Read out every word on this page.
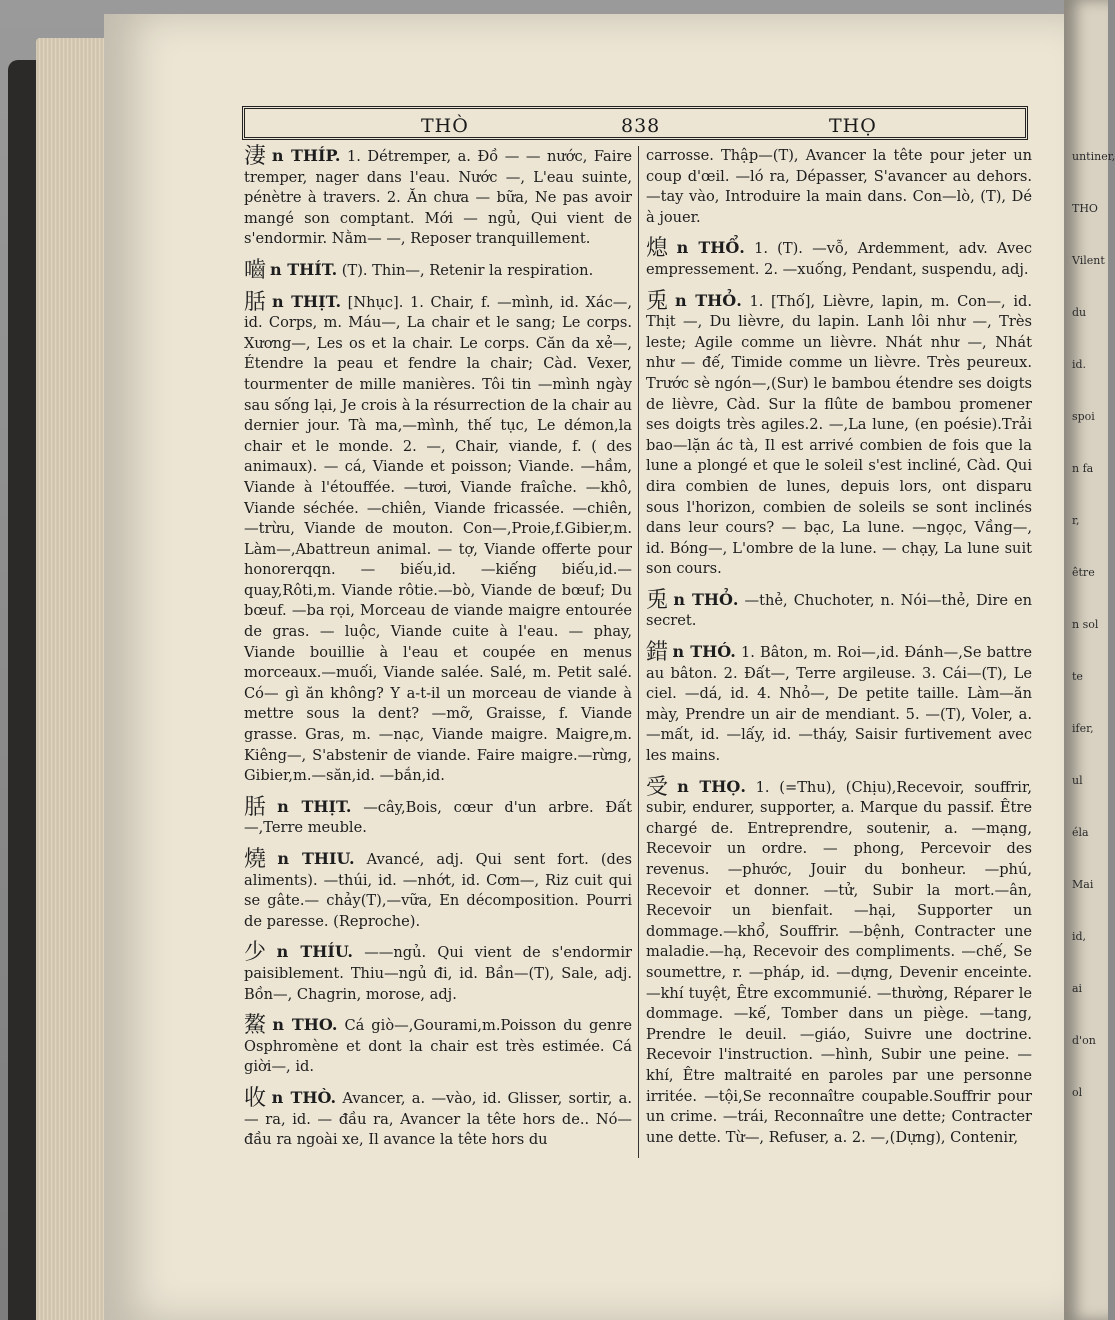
untiner,
THO
Vilent
du
id.
spoi
n fa
r,
être
n sol
te
ifer,
ul
éla
Mai
id,
ai
d'on
ol
THÒ	838	THỌ

淒 n THÍP. 1. Détremper, a. Đồ — — nước, Faire tremper, nager dans l'eau. Nước —, L'eau suinte, pénètre à travers. 2. Ăn chưa — bữa, Ne pas avoir mangé son comptant. Mới — ngủ, Qui vient de s'endormir. Nằm— —, Reposer tranquillement.

嚙 n THÍT. (T). Thin—, Retenir la respiration.

䏦 n THỊT. [Nhục]. 1. Chair, f. —mình, id. Xác—, id. Corps, m. Máu—, La chair et le sang; Le corps. Xương—, Les os et la chair. Le corps. Căn da xẻ—, Étendre la peau et fendre la chair; Càd. Vexer, tourmenter de mille manières. Tôi tin —mình ngày sau sống lại, Je crois à la résurrection de la chair au dernier jour. Tà ma,—mình, thế tục, Le démon,la chair et le monde. 2. —, Chair, viande, f. ( des animaux). — cá, Viande et poisson; Viande. —hầm, Viande à l'étouffée. —tươi, Viande fraîche. —khô, Viande séchée. —chiên, Viande fricassée. —chiên, —trừu, Viande de mouton. Con—,Proie,f.Gibier,m. Làm—,Abattreun animal. — tợ, Viande offerte pour honorerqqn. — biếu,id. —kiếng biếu,id.—quay,Rôti,m. Viande rôtie.—bò, Viande de bœuf; Du bœuf. —ba rọi, Morceau de viande maigre entourée de gras. — luộc, Viande cuite à l'eau. — phay, Viande bouillie à l'eau et coupée en menus morceaux.—muối, Viande salée. Salé, m. Petit salé. Có— gì ăn không? Y a-t-il un morceau de viande à mettre sous la dent? —mỡ, Graisse, f. Viande grasse. Gras, m. —nạc, Viande maigre. Maigre,m. Kiêng—, S'abstenir de viande. Faire maigre.—rừng, Gibier,m.—săn,id. —bắn,id.

䏦 n THỊT. —cây,Bois, cœur d'un arbre. Đất —,Terre meuble.

燒 n THIU. Avancé, adj. Qui sent fort. (des aliments). —thúi, id. —nhớt, id. Cơm—, Riz cuit qui se gâte.— chảy(T),—vữa, En décomposition. Pourri de paresse. (Reproche).

少 n THÍU. ——ngủ. Qui vient de s'endormir paisiblement. Thiu—ngủ đi, id. Bần—(T), Sale, adj. Bồn—, Chagrin, morose, adj.

鰲 n THO. Cá giò—,Gourami,m.Poisson du genre Osphromène et dont la chair est très estimée. Cá giời—, id.

收 n THÒ. Avancer, a. —vào, id. Glisser, sortir, a. — ra, id. — đầu ra, Avancer la tête hors de.. Nó—đầu ra ngoài xe, Il avance la tête hors du

carrosse. Thập—(T), Avancer la tête pour jeter un coup d'œil. —ló ra, Dépasser, S'avancer au dehors. —tay vào, Introduire la main dans. Con—lò, (T), Dé à jouer.

熄 n THỔ. 1. (T). —vỗ, Ardemment, adv. Avec empressement. 2. —xuống, Pendant, suspendu, adj.

兎 n THỎ. 1. [Thố], Lièvre, lapin, m. Con—, id. Thịt —, Du lièvre, du lapin. Lanh lôi như —, Très leste; Agile comme un lièvre. Nhát như —, Nhát như — đế, Timide comme un lièvre. Très peureux. Trước sè ngón—,(Sur) le bambou étendre ses doigts de lièvre, Càd. Sur la flûte de bambou promener ses doigts très agiles.2. —,La lune, (en poésie).Trải bao—lặn ác tà, Il est arrivé combien de fois que la lune a plongé et que le soleil s'est incliné, Càd. Qui dira combien de lunes, depuis lors, ont disparu sous l'horizon, combien de soleils se sont inclinés dans leur cours? — bạc, La lune. —ngọc, Vầng—, id. Bóng—, L'ombre de la lune. — chạy, La lune suit son cours.

兎 n THỎ. —thẻ, Chuchoter, n. Nói—thẻ, Dire en secret.

錯 n THÓ. 1. Bâton, m. Roi—,id. Đánh—,Se battre au bâton. 2. Đất—, Terre argileuse. 3. Cái—(T), Le ciel. —dá, id. 4. Nhỏ—, De petite taille. Làm—ăn mày, Prendre un air de mendiant. 5. —(T), Voler, a. —mất, id. —lấy, id. —tháy, Saisir furtivement avec les mains.

受 n THỌ. 1. (=Thu), (Chịu),Recevoir, souffrir, subir, endurer, supporter, a. Marque du passif. Être chargé de. Entreprendre, soutenir, a. —mạng, Recevoir un ordre. — phong, Percevoir des revenus. —phước, Jouir du bonheur. —phú, Recevoir et donner. —tử, Subir la mort.—ân, Recevoir un bienfait. —hại, Supporter un dommage.—khổ, Souffrir. —bệnh, Contracter une maladie.—hạ, Recevoir des compliments. —chế, Se soumettre, r. —pháp, id. —dựng, Devenir enceinte. —khí tuyệt, Être excommunié. —thường, Réparer le dommage. —kế, Tomber dans un piège. —tang, Prendre le deuil. —giáo, Suivre une doctrine. Recevoir l'instruction. —hình, Subir une peine. —khí, Être maltraité en paroles par une personne irritée. —tội,Se reconnaître coupable.Souffrir pour un crime. —trái, Reconnaître une dette; Contracter une dette. Từ—, Refuser, a. 2. —,(Dựng), Contenir,
